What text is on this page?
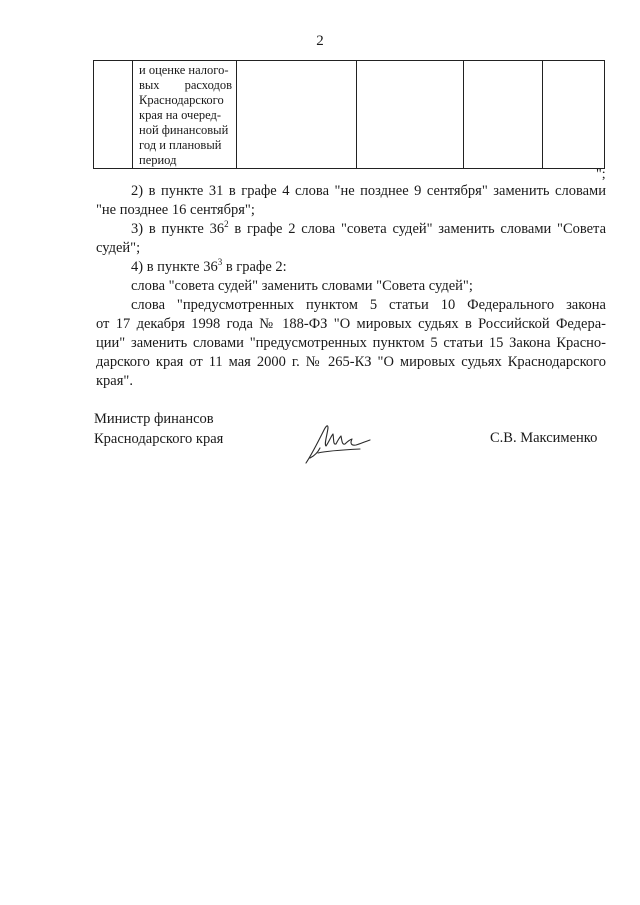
2

и оценке налого-
вых расходов
Краснодарского
края на очеред-
ной финансовый
год и плановый
период

";
2) в пункте 31 в графе 4 слова "не позднее 9 сентября" заменить словами
"не позднее 16 сентября";
3) в пункте $36^2$ в графе 2 слова "совета судей" заменить словами "Совета
судей";
4) в пункте $36^3$ в графе 2:
слова "совета судей" заменить словами "Совета судей";
слова "предусмотренных пунктом 5 статьи 10 Федерального закона
от 17 декабря 1998 года № 188-ФЗ "О мировых судьях в Российской Федера-
ции" заменить словами "предусмотренных пунктом 5 статьи 15 Закона Красно-
дарского края от 11 мая 2000 г. № 265-КЗ "О мировых судьях Краснодарского
края".
Министр финансов
Краснодарского края	С.В. Максименко
